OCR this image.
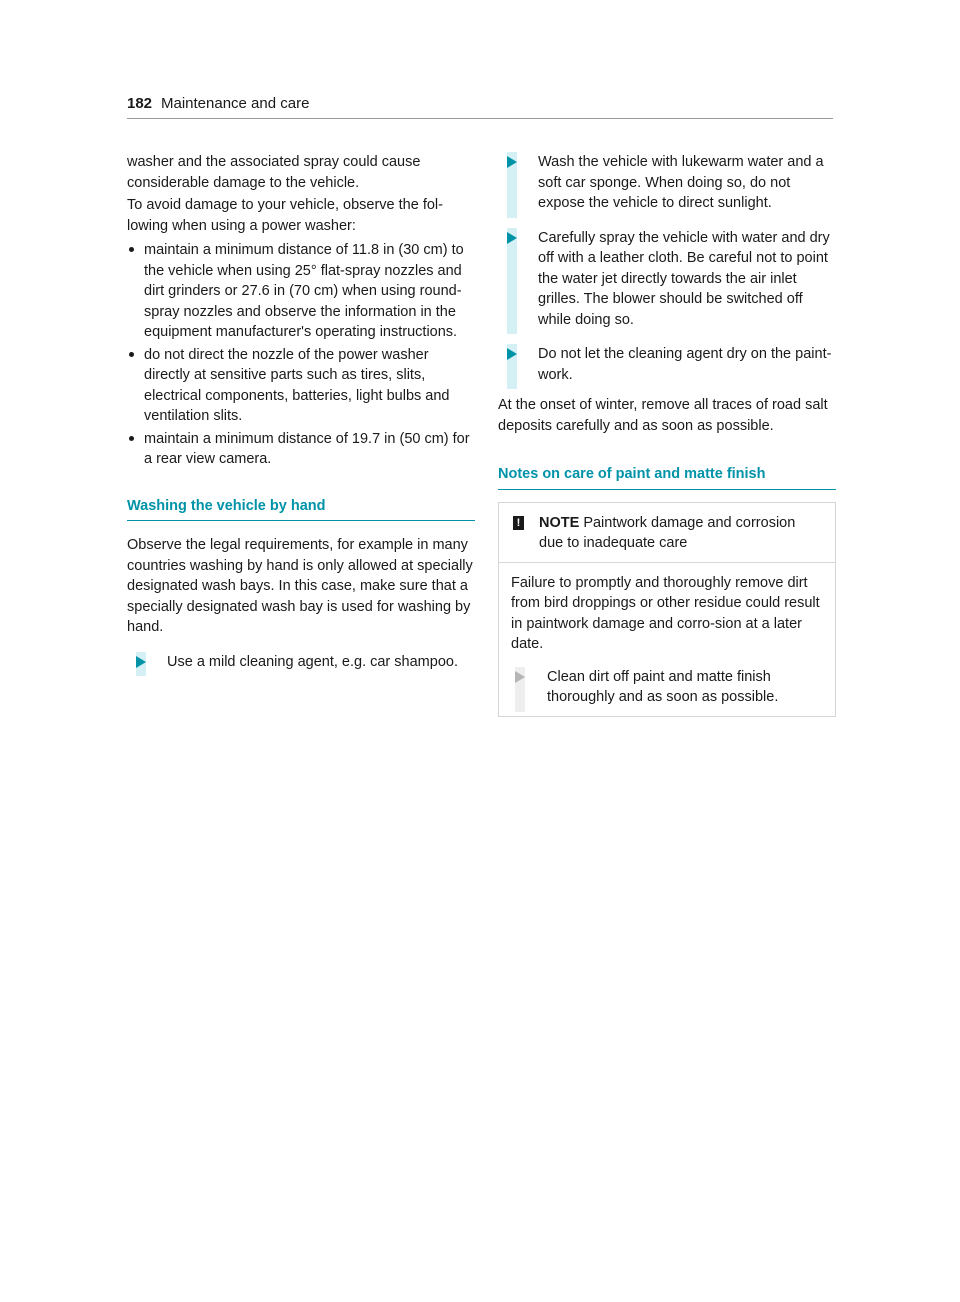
182 Maintenance and care

washer and the associated spray could cause considerable damage to the vehicle.

To avoid damage to your vehicle, observe the fol-lowing when using a power washer:

maintain a minimum distance of 11.8 in (30 cm) to the vehicle when using 25° flat-spray nozzles and dirt grinders or 27.6 in (70 cm) when using round-spray nozzles and observe the information in the equipment manufacturer's operating instructions.
do not direct the nozzle of the power washer directly at sensitive parts such as tires, slits, electrical components, batteries, light bulbs and ventilation slits.
maintain a minimum distance of 19.7 in (50 cm) for a rear view camera.
Washing the vehicle by hand

Observe the legal requirements, for example in many countries washing by hand is only allowed at specially designated wash bays. In this case, make sure that a specially designated wash bay is used for washing by hand.

Use a mild cleaning agent, e.g. car shampoo.
Wash the vehicle with lukewarm water and a soft car sponge. When doing so, do not expose the vehicle to direct sunlight.
Carefully spray the vehicle with water and dry off with a leather cloth. Be careful not to point the water jet directly towards the air inlet grilles. The blower should be switched off while doing so.
Do not let the cleaning agent dry on the paint-work.

At the onset of winter, remove all traces of road salt deposits carefully and as soon as possible.

Notes on care of paint and matte finish
! NOTE Paintwork damage and corrosion due to inadequate care

Failure to promptly and thoroughly remove dirt from bird droppings or other residue could result in paintwork damage and corro-sion at a later date.

Clean dirt off paint and matte finish thoroughly and as soon as possible.
